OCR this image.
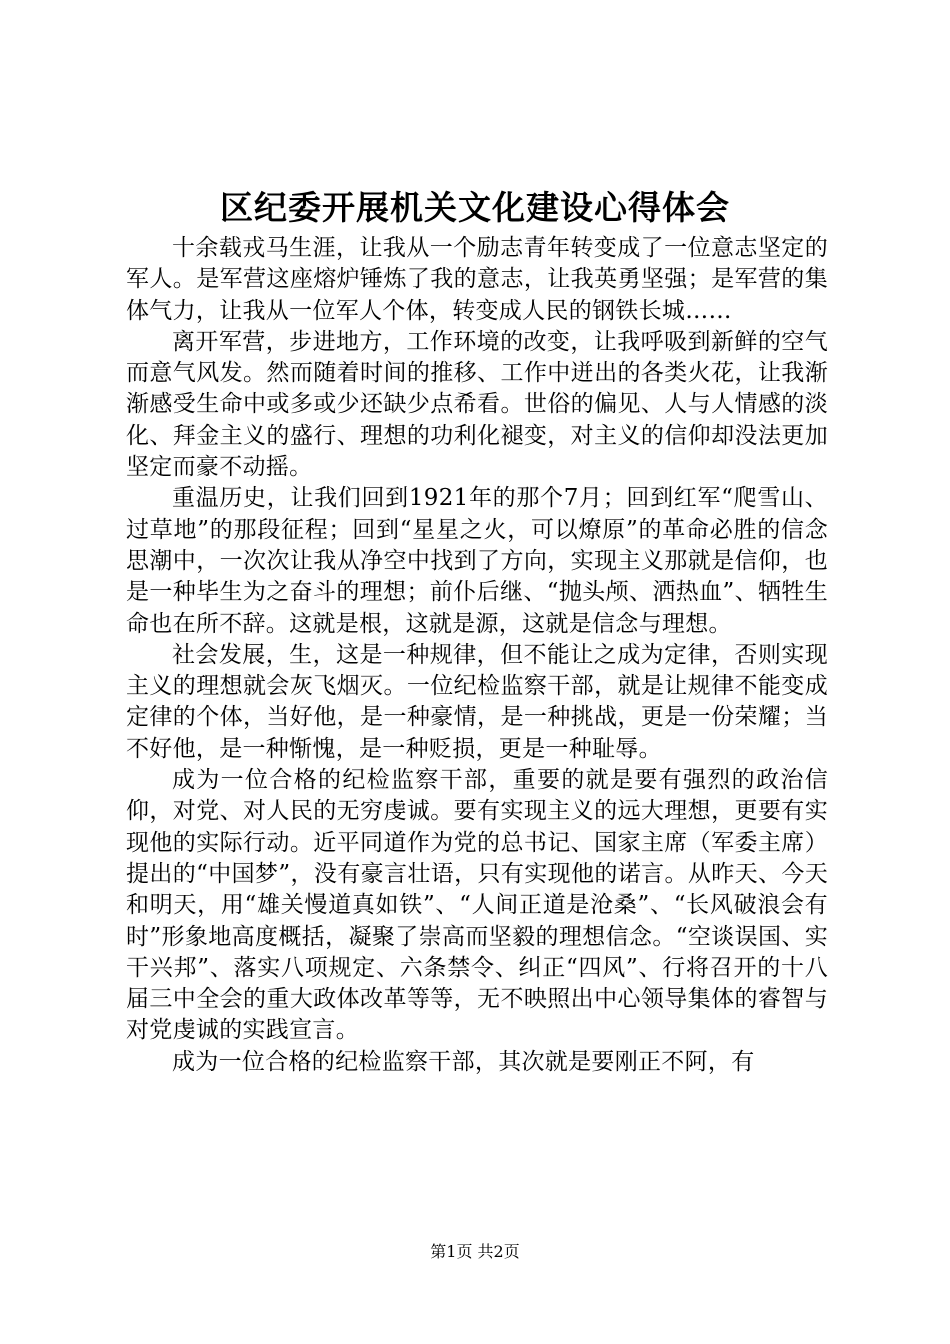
区纪委开展机关文化建设心得体会

十余载戎马生涯，让我从一个励志青年转变成了一位意志坚定的军人。是军营这座熔炉锤炼了我的意志，让我英勇坚强；是军营的集体气力，让我从一位军人个体，转变成人民的钢铁长城……

离开军营，步进地方，工作环境的改变，让我呼吸到新鲜的空气而意气风发。然而随着时间的推移、工作中迸出的各类火花，让我渐渐感受生命中或多或少还缺少点希看。世俗的偏见、人与人情感的淡化、拜金主义的盛行、理想的功利化褪变，对主义的信仰却没法更加坚定而豪不动摇。

重温历史，让我们回到1921年的那个7月；回到红军“爬雪山、过草地”的那段征程；回到“星星之火，可以燎原”的革命必胜的信念思潮中，一次次让我从净空中找到了方向，实现主义那就是信仰，也是一种毕生为之奋斗的理想；前仆后继、“抛头颅、洒热血”、牺牲生命也在所不辞。这就是根，这就是源，这就是信念与理想。

社会发展，生，这是一种规律，但不能让之成为定律，否则实现主义的理想就会灰飞烟灭。一位纪检监察干部，就是让规律不能变成定律的个体，当好他，是一种豪情，是一种挑战，更是一份荣耀；当不好他，是一种惭愧，是一种贬损，更是一种耻辱。

成为一位合格的纪检监察干部，重要的就是要有强烈的政治信仰，对党、对人民的无穷虔诚。要有实现主义的远大理想，更要有实现他的实际行动。近平同道作为党的总书记、国家主席（军委主席）提出的“中国梦”，没有豪言壮语，只有实现他的诺言。从昨天、今天和明天，用“雄关慢道真如铁”、“人间正道是沧桑”、“长风破浪会有时”形象地高度概括，凝聚了崇高而坚毅的理想信念。“空谈误国、实干兴邦”、落实八项规定、六条禁令、纠正“四风”、行将召开的十八届三中全会的重大政体改革等等，无不映照出中心领导集体的睿智与对党虔诚的实践宣言。

成为一位合格的纪检监察干部，其次就是要刚正不阿，有

第1页 共2页
